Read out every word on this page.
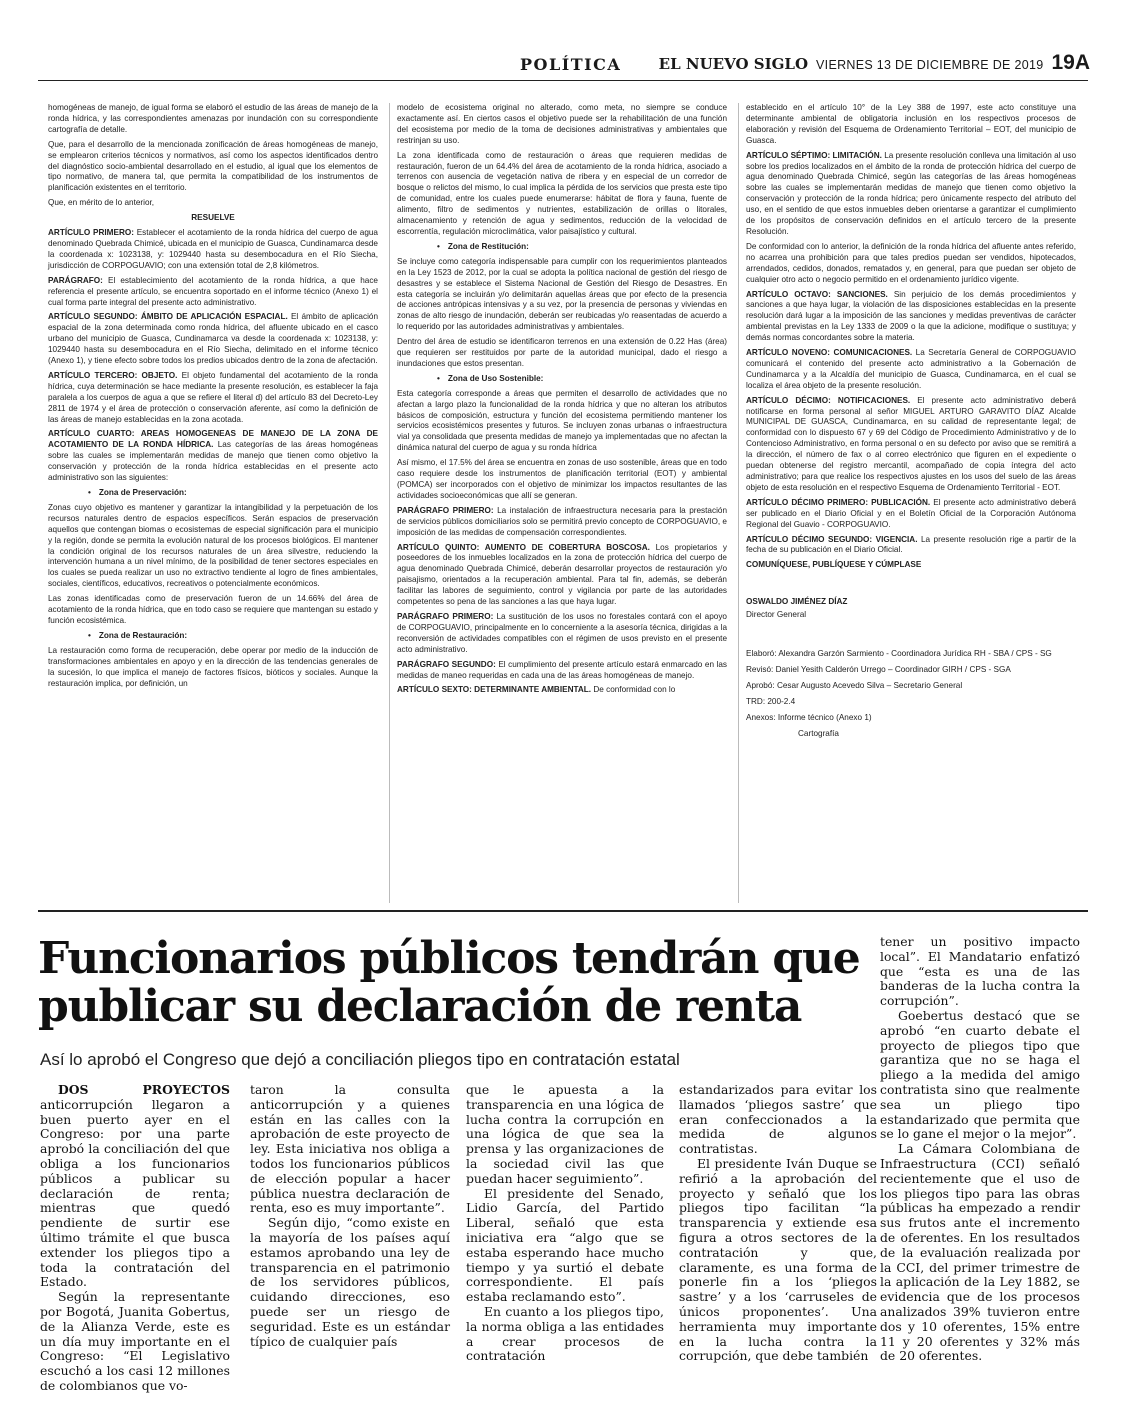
POLÍTICA EL NUEVO SIGLO VIERNES 13 DE DICIEMBRE DE 2019 19A

homogéneas de manejo, de igual forma se elaboró el estudio de las áreas de manejo de la ronda hídrica, y las correspondientes amenazas por inundación con su correspondiente cartografía de detalle.

Que, para el desarrollo de la mencionada zonificación de áreas homogéneas de manejo, se emplearon criterios técnicos y normativos, así como los aspectos identificados dentro del diagnóstico socio-ambiental desarrollado en el estudio, al igual que los elementos de tipo normativo, de manera tal, que permita la compatibilidad de los instrumentos de planificación existentes en el territorio.

Que, en mérito de lo anterior,

RESUELVE

ARTÍCULO PRIMERO: Establecer el acotamiento de la ronda hídrica del cuerpo de agua denominado Quebrada Chimicé, ubicada en el municipio de Guasca, Cundinamarca desde la coordenada x: 1023138, y: 1029440 hasta su desembocadura en el Río Siecha, jurisdicción de CORPOGUAVIO; con una extensión total de 2,8 kilómetros.

PARÁGRAFO: El establecimiento del acotamiento de la ronda hídrica, a que hace referencia el presente artículo, se encuentra soportado en el informe técnico (Anexo 1) el cual forma parte integral del presente acto administrativo.

ARTÍCULO SEGUNDO: ÁMBITO DE APLICACIÓN ESPACIAL. El ámbito de aplicación espacial de la zona determinada como ronda hídrica, del afluente ubicado en el casco urbano del municipio de Guasca, Cundinamarca va desde la coordenada x: 1023138, y: 1029440 hasta su desembocadura en el Río Siecha, delimitado en el informe técnico (Anexo 1), y tiene efecto sobre todos los predios ubicados dentro de la zona de afectación.

ARTÍCULO TERCERO: OBJETO. El objeto fundamental del acotamiento de la ronda hídrica, cuya determinación se hace mediante la presente resolución, es establecer la faja paralela a los cuerpos de agua a que se refiere el literal d) del artículo 83 del Decreto-Ley 2811 de 1974 y el área de protección o conservación aferente, así como la definición de las áreas de manejo establecidas en la zona acotada.

ARTÍCULO CUARTO: AREAS HOMOGENEAS DE MANEJO DE LA ZONA DE ACOTAMIENTO DE LA RONDA HÍDRICA. Las categorías de las áreas homogéneas sobre las cuales se implementarán medidas de manejo que tienen como objetivo la conservación y protección de la ronda hídrica establecidas en el presente acto administrativo son las siguientes:

• Zona de Preservación:

Zonas cuyo objetivo es mantener y garantizar la intangibilidad y la perpetuación de los recursos naturales dentro de espacios específicos. Serán espacios de preservación aquellos que contengan biomas o ecosistemas de especial significación para el municipio y la región, donde se permita la evolución natural de los procesos biológicos. El mantener la condición original de los recursos naturales de un área silvestre, reduciendo la intervención humana a un nivel mínimo, de la posibilidad de tener sectores especiales en los cuales se pueda realizar un uso no extractivo tendiente al logro de fines ambientales, sociales, científicos, educativos, recreativos o potencialmente económicos.

Las zonas identificadas como de preservación fueron de un 14.66% del área de acotamiento de la ronda hídrica, que en todo caso se requiere que mantengan su estado y función ecosistémica.

• Zona de Restauración:

La restauración como forma de recuperación, debe operar por medio de la inducción de transformaciones ambientales en apoyo y en la dirección de las tendencias generales de la sucesión, lo que implica el manejo de factores físicos, bióticos y sociales. Aunque la restauración implica, por definición, un

modelo de ecosistema original no alterado, como meta, no siempre se conduce exactamente así. En ciertos casos el objetivo puede ser la rehabilitación de una función del ecosistema por medio de la toma de decisiones administrativas y ambientales que restrinjan su uso.

La zona identificada como de restauración o áreas que requieren medidas de restauración, fueron de un 64.4% del área de acotamiento de la ronda hídrica, asociado a terrenos con ausencia de vegetación nativa de ribera y en especial de un corredor de bosque o relictos del mismo, lo cual implica la pérdida de los servicios que presta este tipo de comunidad, entre los cuales puede enumerarse: hábitat de flora y fauna, fuente de alimento, filtro de sedimentos y nutrientes, estabilización de orillas o litorales, almacenamiento y retención de agua y sedimentos, reducción de la velocidad de escorrentía, regulación microclimática, valor paisajístico y cultural.

• Zona de Restitución:

Se incluye como categoría indispensable para cumplir con los requerimientos planteados en la Ley 1523 de 2012, por la cual se adopta la política nacional de gestión del riesgo de desastres y se establece el Sistema Nacional de Gestión del Riesgo de Desastres. En esta categoría se incluirán y/o delimitarán aquellas áreas que por efecto de la presencia de acciones antrópicas intensivas y a su vez, por la presencia de personas y viviendas en zonas de alto riesgo de inundación, deberán ser reubicadas y/o reasentadas de acuerdo a lo requerido por las autoridades administrativas y ambientales.

Dentro del área de estudio se identificaron terrenos en una extensión de 0.22 Has (área) que requieren ser restituidos por parte de la autoridad municipal, dado el riesgo a inundaciones que estos presentan.

• Zona de Uso Sostenible:

Esta categoría corresponde a áreas que permiten el desarrollo de actividades que no afectan a largo plazo la funcionalidad de la ronda hídrica y que no alteran los atributos básicos de composición, estructura y función del ecosistema permitiendo mantener los servicios ecosistémicos presentes y futuros. Se incluyen zonas urbanas o infraestructura vial ya consolidada que presenta medidas de manejo ya implementadas que no afectan la dinámica natural del cuerpo de agua y su ronda hídrica

Así mismo, el 17.5% del área se encuentra en zonas de uso sostenible, áreas que en todo caso requiere desde los instrumentos de planificación territorial (EOT) y ambiental (POMCA) ser incorporados con el objetivo de minimizar los impactos resultantes de las actividades socioeconómicas que allí se generan.

PARÁGRAFO PRIMERO: La instalación de infraestructura necesaria para la prestación de servicios públicos domiciliarios solo se permitirá previo concepto de CORPOGUAVIO, e imposición de las medidas de compensación correspondientes.

ARTÍCULO QUINTO: AUMENTO DE COBERTURA BOSCOSA. Los propietarios y poseedores de los inmuebles localizados en la zona de protección hídrica del cuerpo de agua denominado Quebrada Chimicé, deberán desarrollar proyectos de restauración y/o paisajismo, orientados a la recuperación ambiental. Para tal fin, además, se deberán facilitar las labores de seguimiento, control y vigilancia por parte de las autoridades competentes so pena de las sanciones a las que haya lugar.

PARÁGRAFO PRIMERO: La sustitución de los usos no forestales contará con el apoyo de CORPOGUAVIO, principalmente en lo concerniente a la asesoría técnica, dirigidas a la reconversión de actividades compatibles con el régimen de usos previsto en el presente acto administrativo.

PARÁGRAFO SEGUNDO: El cumplimiento del presente artículo estará enmarcado en las medidas de maneo requeridas en cada una de las áreas homogéneas de manejo.

ARTÍCULO SEXTO: DETERMINANTE AMBIENTAL. De conformidad con lo

establecido en el artículo 10° de la Ley 388 de 1997, este acto constituye una determinante ambiental de obligatoria inclusión en los respectivos procesos de elaboración y revisión del Esquema de Ordenamiento Territorial – EOT, del municipio de Guasca.

ARTÍCULO SÉPTIMO: LIMITACIÓN. La presente resolución conlleva una limitación al uso sobre los predios localizados en el ámbito de la ronda de protección hídrica del cuerpo de agua denominado Quebrada Chimicé, según las categorías de las áreas homogéneas sobre las cuales se implementarán medidas de manejo que tienen como objetivo la conservación y protección de la ronda hídrica; pero únicamente respecto del atributo del uso, en el sentido de que estos inmuebles deben orientarse a garantizar el cumplimiento de los propósitos de conservación definidos en el artículo tercero de la presente Resolución.

De conformidad con lo anterior, la definición de la ronda hídrica del afluente antes referido, no acarrea una prohibición para que tales predios puedan ser vendidos, hipotecados, arrendados, cedidos, donados, rematados y, en general, para que puedan ser objeto de cualquier otro acto o negocio permitido en el ordenamiento jurídico vigente.

ARTÍCULO OCTAVO: SANCIONES. Sin perjuicio de los demás procedimientos y sanciones a que haya lugar, la violación de las disposiciones establecidas en la presente resolución dará lugar a la imposición de las sanciones y medidas preventivas de carácter ambiental previstas en la Ley 1333 de 2009 o la que la adicione, modifique o sustituya; y demás normas concordantes sobre la materia.

ARTÍCULO NOVENO: COMUNICACIONES. La Secretaría General de CORPOGUAVIO comunicará el contenido del presente acto administrativo a la Gobernación de Cundinamarca y a la Alcaldía del municipio de Guasca, Cundinamarca, en el cual se localiza el área objeto de la presente resolución.

ARTÍCULO DÉCIMO: NOTIFICACIONES. El presente acto administrativo deberá notificarse en forma personal al señor MIGUEL ARTURO GARAVITO DÍAZ Alcalde MUNICIPAL DE GUASCA, Cundinamarca, en su calidad de representante legal; de conformidad con lo dispuesto 67 y 69 del Código de Procedimiento Administrativo y de lo Contencioso Administrativo, en forma personal o en su defecto por aviso que se remitirá a la dirección, el número de fax o al correo electrónico que figuren en el expediente o puedan obtenerse del registro mercantil, acompañado de copia íntegra del acto administrativo; para que realice los respectivos ajustes en los usos del suelo de las áreas objeto de esta resolución en el respectivo Esquema de Ordenamiento Territorial - EOT.

ARTÍCULO DÉCIMO PRIMERO: PUBLICACIÓN. El presente acto administrativo deberá ser publicado en el Diario Oficial y en el Boletín Oficial de la Corporación Autónoma Regional del Guavio - CORPOGUAVIO.

ARTÍCULO DÉCIMO SEGUNDO: VIGENCIA. La presente resolución rige a partir de la fecha de su publicación en el Diario Oficial.

COMUNÍQUESE, PUBLÍQUESE Y CÚMPLASE

OSWALDO JIMÉNEZ DÍAZ

Director General

Elaboró: Alexandra Garzón Sarmiento - Coordinadora Jurídica RH - SBA / CPS - SG

Revisó: Daniel Yesith Calderón Urrego – Coordinador GIRH / CPS - SGA

Aprobó: Cesar Augusto Acevedo Silva – Secretario General

TRD: 200-2.4

Anexos: Informe técnico (Anexo 1)

Cartografía

Funcionarios públicos tendrán que publicar su declaración de renta
Así lo aprobó el Congreso que dejó a conciliación pliegos tipo en contratación estatal

DOS PROYECTOS anticorrupción llegaron a buen puerto ayer en el Congreso: por una parte aprobó la conciliación del que obliga a los funcionarios públicos a publicar su declaración de renta; mientras que quedó pendiente de surtir ese último trámite el que busca extender los pliegos tipo a toda la contratación del Estado.

Según la representante por Bogotá, Juanita Gobertus, de la Alianza Verde, este es un día muy importante en el Congreso: “El Legislativo escuchó a los casi 12 millones de colombianos que vo-

taron la consulta anticorrupción y a quienes están en las calles con la aprobación de este proyecto de ley. Esta iniciativa nos obliga a todos los funcionarios públicos de elección popular a hacer pública nuestra declaración de renta, eso es muy importante”.

Según dijo, “como existe en la mayoría de los países aquí estamos aprobando una ley de transparencia en el patrimonio de los servidores públicos, cuidando direcciones, eso puede ser un riesgo de seguridad. Este es un estándar típico de cualquier país

que le apuesta a la transparencia en una lógica de lucha contra la corrupción en una lógica de que sea la prensa y las organizaciones de la sociedad civil las que puedan hacer seguimiento”.

El presidente del Senado, Lidio García, del Partido Liberal, señaló que esta iniciativa era “algo que se estaba esperando hace mucho tiempo y ya surtió el debate correspondiente. El país estaba reclamando esto”.

En cuanto a los pliegos tipo, la norma obliga a las entidades a crear procesos de contratación

estandarizados para evitar los llamados ‘pliegos sastre’ que eran confeccionados a la medida de algunos contratistas.

El presidente Iván Duque se refirió a la aprobación del proyecto y señaló que los pliegos tipo facilitan “la transparencia y extiende esa figura a otros sectores de la contratación y que, claramente, es una forma de ponerle fin a los ‘pliegos sastre’ y a los ‘carruseles de únicos proponentes’. Una herramienta muy importante en la lucha contra la corrupción, que debe también

tener un positivo impacto local”. El Mandatario enfatizó que “esta es una de las banderas de la lucha contra la corrupción”.

Goebertus destacó que se aprobó “en cuarto debate el proyecto de pliegos tipo que garantiza que no se haga el pliego a la medida del amigo contratista sino que realmente sea un pliego tipo estandarizado que permita que se lo gane el mejor o la mejor”.

La Cámara Colombiana de Infraestructura (CCI) señaló recientemente que el uso de los pliegos tipo para las obras públicas ha empezado a rendir sus frutos ante el incremento de oferentes. En los resultados de la evaluación realizada por la CCI, del primer trimestre de la aplicación de la Ley 1882, se evidencia que de los procesos analizados 39% tuvieron entre dos y 10 oferentes, 15% entre 11 y 20 oferentes y 32% más de 20 oferentes.
